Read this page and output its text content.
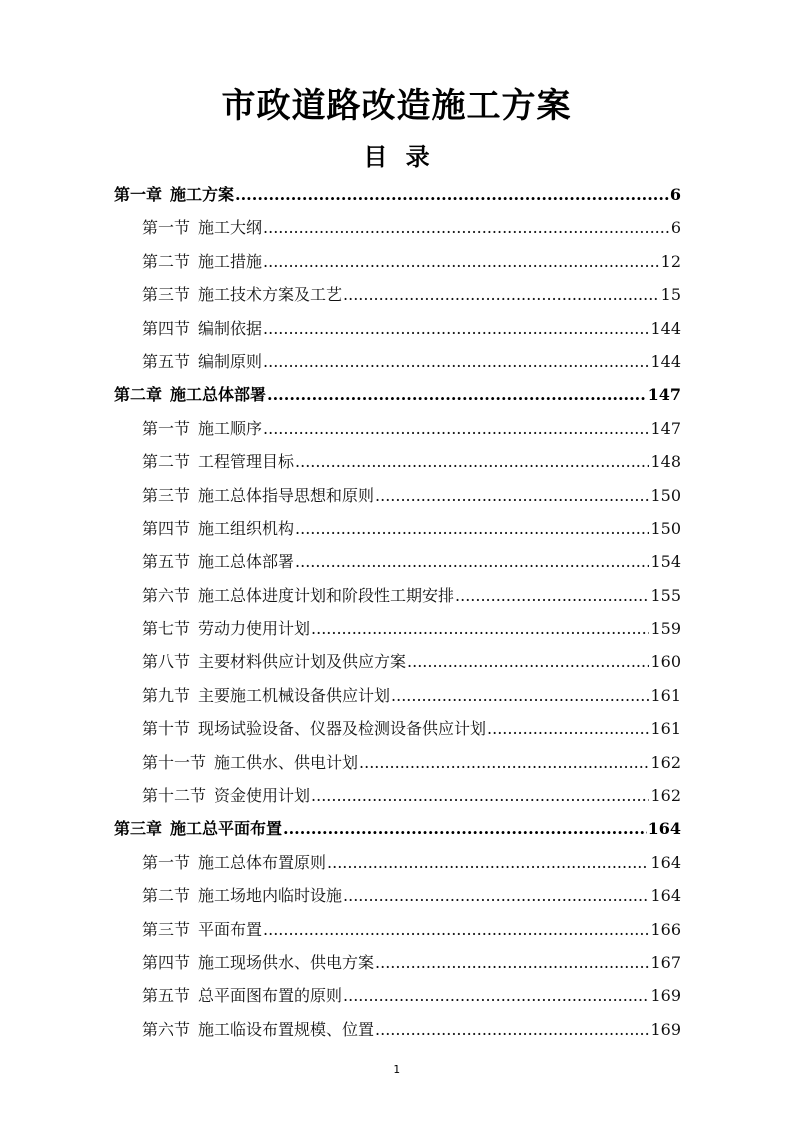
市政道路改造施工方案
目 录
第一章 施工方案 .....	6
第一节 施工大纲 .....	6
第二节 施工措施 .....	12
第三节 施工技术方案及工艺 .....	15
第四节 编制依据 .....	144
第五节 编制原则 .....	144
第二章 施工总体部署 .....	147
第一节 施工顺序 .....	147
第二节 工程管理目标 .....	148
第三节 施工总体指导思想和原则 .....	150
第四节 施工组织机构 .....	150
第五节 施工总体部署 .....	154
第六节 施工总体进度计划和阶段性工期安排 .....	155
第七节 劳动力使用计划 .....	159
第八节 主要材料供应计划及供应方案 .....	160
第九节 主要施工机械设备供应计划 .....	161
第十节 现场试验设备、仪器及检测设备供应计划 .....	161
第十一节 施工供水、供电计划 .....	162
第十二节 资金使用计划 .....	162
第三章 施工总平面布置 .....	164
第一节 施工总体布置原则 .....	164
第二节 施工场地内临时设施 .....	164
第三节 平面布置 .....	166
第四节 施工现场供水、供电方案 .....	167
第五节 总平面图布置的原则 .....	169
第六节 施工临设布置规模、位置 .....	169
1
